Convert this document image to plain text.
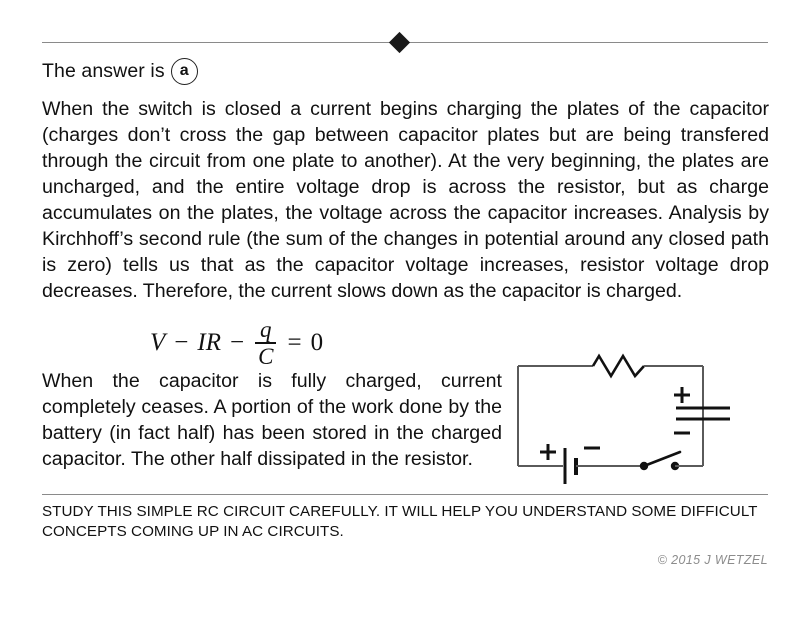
The answer is a
When the switch is closed a current begins charging the plates of the capacitor (charges don’t cross the gap between capacitor plates but are being transfered through the circuit from one plate to another). At the very beginning, the plates are uncharged, and the entire voltage drop is across the resistor, but as charge accumulates on the plates, the voltage across the capacitor increases. Analysis by Kirchhoff’s second rule (the sum of the changes in potential around any closed path is zero) tells us that as the capacitor voltage increases, resistor voltage drop decreases. Therefore, the current slows down as the capacitor is charged.
V − IR − $\frac{q}{C} = 0$
When the capacitor is fully charged, current completely ceases. A portion of the work done by the battery (in fact half) has been stored in the charged capacitor. The other half dissipated in the resistor.
STUDY THIS SIMPLE RC CIRCUIT CAREFULLY. IT WILL HELP YOU UNDERSTAND SOME DIFFICULT CONCEPTS COMING UP IN AC CIRCUITS.
© 2015 J WETZEL
